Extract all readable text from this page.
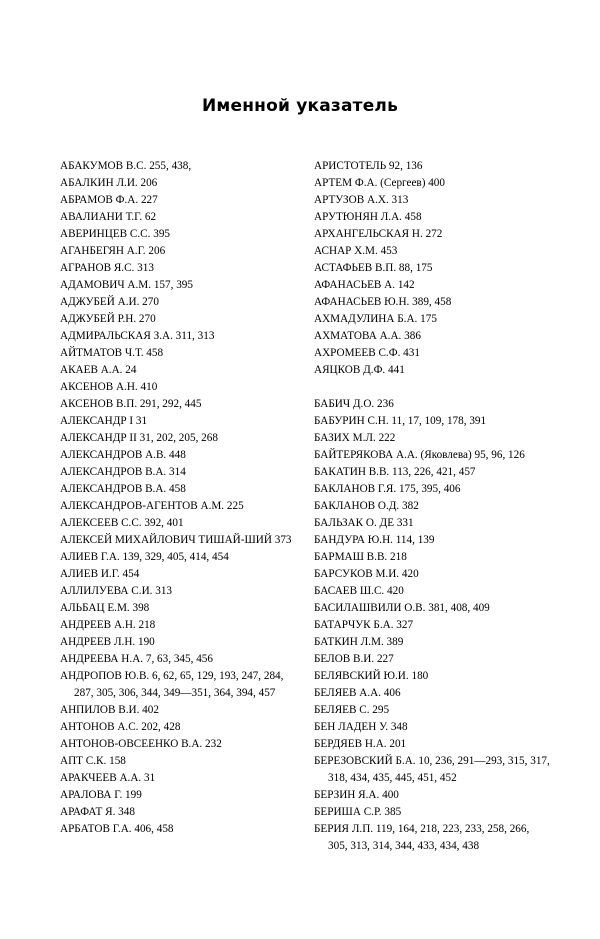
Именной указатель
АБАКУМОВ В.С. 255, 438,
АБАЛКИН Л.И. 206
АБРАМОВ Ф.А. 227
АВАЛИАНИ Т.Г. 62
АВЕРИНЦЕВ С.С. 395
АГАНБЕГЯН А.Г. 206
АГРАНОВ Я.С. 313
АДАМОВИЧ А.М. 157, 395
АДЖУБЕЙ А.И. 270
АДЖУБЕЙ Р.Н. 270
АДМИРАЛЬСКАЯ З.А. 311, 313
АЙТМАТОВ Ч.Т. 458
АКАЕВ А.А. 24
АКСЕНОВ А.Н. 410
АКСЕНОВ В.П. 291, 292, 445
АЛЕКСАНДР I 31
АЛЕКСАНДР II 31, 202, 205, 268
АЛЕКСАНДРОВ А.В. 448
АЛЕКСАНДРОВ В.А. 314
АЛЕКСАНДРОВ В.А. 458
АЛЕКСАНДРОВ-АГЕНТОВ А.М. 225
АЛЕКСЕЕВ С.С. 392, 401
АЛЕКСЕЙ МИХАЙЛОВИЧ ТИШАЙ-ШИЙ 373
АЛИЕВ Г.А. 139, 329, 405, 414, 454
АЛИЕВ И.Г. 454
АЛЛИЛУЕВА С.И. 313
АЛЬБАЦ Е.М. 398
АНДРЕЕВ А.Н. 218
АНДРЕЕВ Л.Н. 190
АНДРЕЕВА Н.А. 7, 63, 345, 456
АНДРОПОВ Ю.В. 6, 62, 65, 129, 193, 247, 284, 287, 305, 306, 344, 349—351, 364, 394, 457
АНПИЛОВ В.И. 402
АНТОНОВ А.С. 202, 428
АНТОНОВ-ОВСЕЕНКО В.А. 232
АПТ С.К. 158
АРАКЧЕЕВ А.А. 31
АРАЛОВА Г. 199
АРАФАТ Я. 348
АРБАТОВ Г.А. 406, 458
АРИСТОТЕЛЬ 92, 136
АРТЕМ Ф.А. (Сергеев) 400
АРТУЗОВ А.Х. 313
АРУТЮНЯН Л.А. 458
АРХАНГЕЛЬСКАЯ Н. 272
АСНАР Х.М. 453
АСТАФЬЕВ В.П. 88, 175
АФАНАСЬЕВ А. 142
АФАНАСЬЕВ Ю.Н. 389, 458
АХМАДУЛИНА Б.А. 175
АХМАТОВА А.А. 386
АХРОМЕЕВ С.Ф. 431
АЯЦКОВ Д.Ф. 441
БАБИЧ Д.О. 236
БАБУРИН С.Н. 11, 17, 109, 178, 391
БАЗИХ М.Л. 222
БАЙТЕРЯКОВА А.А. (Яковлева) 95, 96, 126
БАКАТИН В.В. 113, 226, 421, 457
БАКЛАНОВ Г.Я. 175, 395, 406
БАКЛАНОВ О.Д. 382
БАЛЬЗАК О. ДЕ 331
БАНДУРА Ю.Н. 114, 139
БАРМАШ В.В. 218
БАРСУКОВ М.И. 420
БАСАЕВ Ш.С. 420
БАСИЛАШВИЛИ О.В. 381, 408, 409
БАТАРЧУК Б.А. 327
БАТКИН Л.М. 389
БЕЛОВ В.И. 227
БЕЛЯВСКИЙ Ю.И. 180
БЕЛЯЕВ А.А. 406
БЕЛЯЕВ С. 295
БЕН ЛАДЕН У. 348
БЕРДЯЕВ Н.А. 201
БЕРЕЗОВСКИЙ Б.А. 10, 236, 291—293, 315, 317, 318, 434, 435, 445, 451, 452
БЕРЗИН Я.А. 400
БЕРИША С.Р. 385
БЕРИЯ Л.П. 119, 164, 218, 223, 233, 258, 266, 305, 313, 314, 344, 433, 434, 438
